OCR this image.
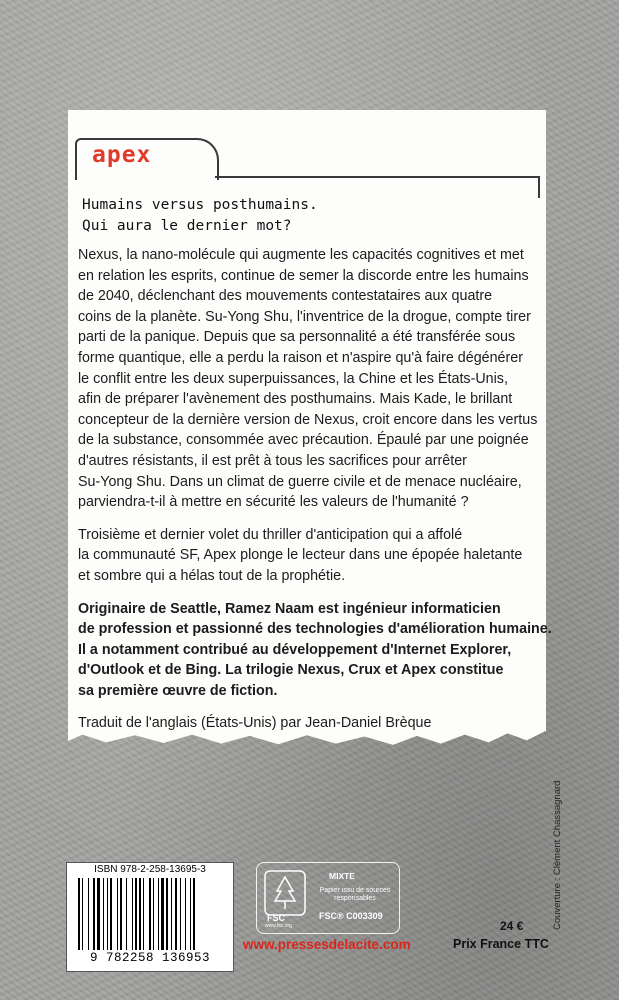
apex
Humains versus posthumains.
Qui aura le dernier mot?

Nexus, la nano-molécule qui augmente les capacités cognitives et met
en relation les esprits, continue de semer la discorde entre les humains
de 2040, déclenchant des mouvements contestataires aux quatre
coins de la planète. Su-Yong Shu, l'inventrice de la drogue, compte tirer
parti de la panique. Depuis que sa personnalité a été transférée sous
forme quantique, elle a perdu la raison et n'aspire qu'à faire dégénérer
le conflit entre les deux superpuissances, la Chine et les États-Unis,
afin de préparer l'avènement des posthumains. Mais Kade, le brillant
concepteur de la dernière version de Nexus, croit encore dans les vertus
de la substance, consommée avec précaution. Épaulé par une poignée
d'autres résistants, il est prêt à tous les sacrifices pour arrêter
Su-Yong Shu. Dans un climat de guerre civile et de menace nucléaire,
parviendra-t-il à mettre en sécurité les valeurs de l'humanité ?

Troisième et dernier volet du thriller d'anticipation qui a affolé
la communauté SF, Apex plonge le lecteur dans une épopée haletante
et sombre qui a hélas tout de la prophétie.

Originaire de Seattle, Ramez Naam est ingénieur informaticien
de profession et passionné des technologies d'amélioration humaine.
Il a notamment contribué au développement d'Internet Explorer,
d'Outlook et de Bing. La trilogie Nexus, Crux et Apex constitue
sa première œuvre de fiction.

Traduit de l'anglais (États-Unis) par Jean-Daniel Brèque

Couverture : Clément Chassagnard
ISBN 978-2-258-13695-3
9 782258 136953
FSC
www.fsc.org
MIXTE
Papier issu de sources responsables
FSC® C003309
www.pressesdelacite.com
24 €
Prix France TTC
